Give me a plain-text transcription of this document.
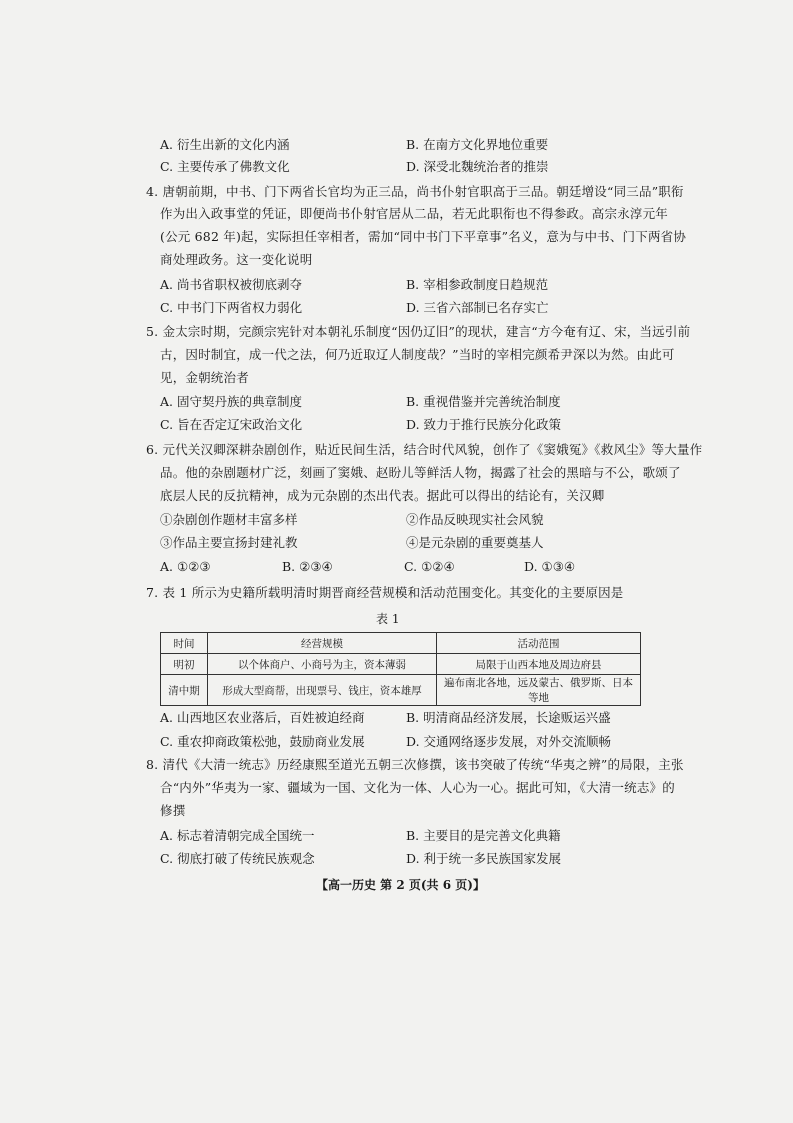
A. 衍生出新的文化内涵	B. 在南方文化界地位重要
C. 主要传承了佛教文化	D. 深受北魏统治者的推崇
4. 唐朝前期，中书、门下两省长官均为正三品，尚书仆射官职高于三品。朝廷增设“同三品”职衔
作为出入政事堂的凭证，即便尚书仆射官居从二品，若无此职衔也不得参政。高宗永淳元年
(公元 682 年)起，实际担任宰相者，需加“同中书门下平章事”名义，意为与中书、门下两省协
商处理政务。这一变化说明
A. 尚书省职权被彻底剥夺	B. 宰相参政制度日趋规范
C. 中书门下两省权力弱化	D. 三省六部制已名存实亡
5. 金太宗时期，完颜宗宪针对本朝礼乐制度“因仍辽旧”的现状，建言“方今奄有辽、宋，当远引前
古，因时制宜，成一代之法，何乃近取辽人制度哉？”当时的宰相完颜希尹深以为然。由此可
见，金朝统治者
A. 固守契丹族的典章制度	B. 重视借鉴并完善统治制度
C. 旨在否定辽宋政治文化	D. 致力于推行民族分化政策
6. 元代关汉卿深耕杂剧创作，贴近民间生活，结合时代风貌，创作了《窦娥冤》《救风尘》等大量作
品。他的杂剧题材广泛，刻画了窦娥、赵盼儿等鲜活人物，揭露了社会的黑暗与不公，歌颂了
底层人民的反抗精神，成为元杂剧的杰出代表。据此可以得出的结论有，关汉卿
①杂剧创作题材丰富多样	②作品反映现实社会风貌
③作品主要宣扬封建礼教	④是元杂剧的重要奠基人
A. ①②③	B. ②③④	C. ①②④	D. ①③④
7. 表 1 所示为史籍所载明清时期晋商经营规模和活动范围变化。其变化的主要原因是
表 1
时间	经营规模	活动范围
明初	以个体商户、小商号为主，资本薄弱	局限于山西本地及周边府县
清中期	形成大型商帮，出现票号、钱庄，资本雄厚	遍布南北各地，远及蒙古、俄罗斯、日本等地
A. 山西地区农业落后，百姓被迫经商	B. 明清商品经济发展，长途贩运兴盛
C. 重农抑商政策松弛，鼓励商业发展	D. 交通网络逐步发展，对外交流顺畅
8. 清代《大清一统志》历经康熙至道光五朝三次修撰，该书突破了传统“华夷之辨”的局限，主张
合“内外”华夷为一家、疆域为一国、文化为一体、人心为一心。据此可知，《大清一统志》的
修撰
A. 标志着清朝完成全国统一	B. 主要目的是完善文化典籍
C. 彻底打破了传统民族观念	D. 利于统一多民族国家发展
【高一历史 第 2 页(共 6 页)】
